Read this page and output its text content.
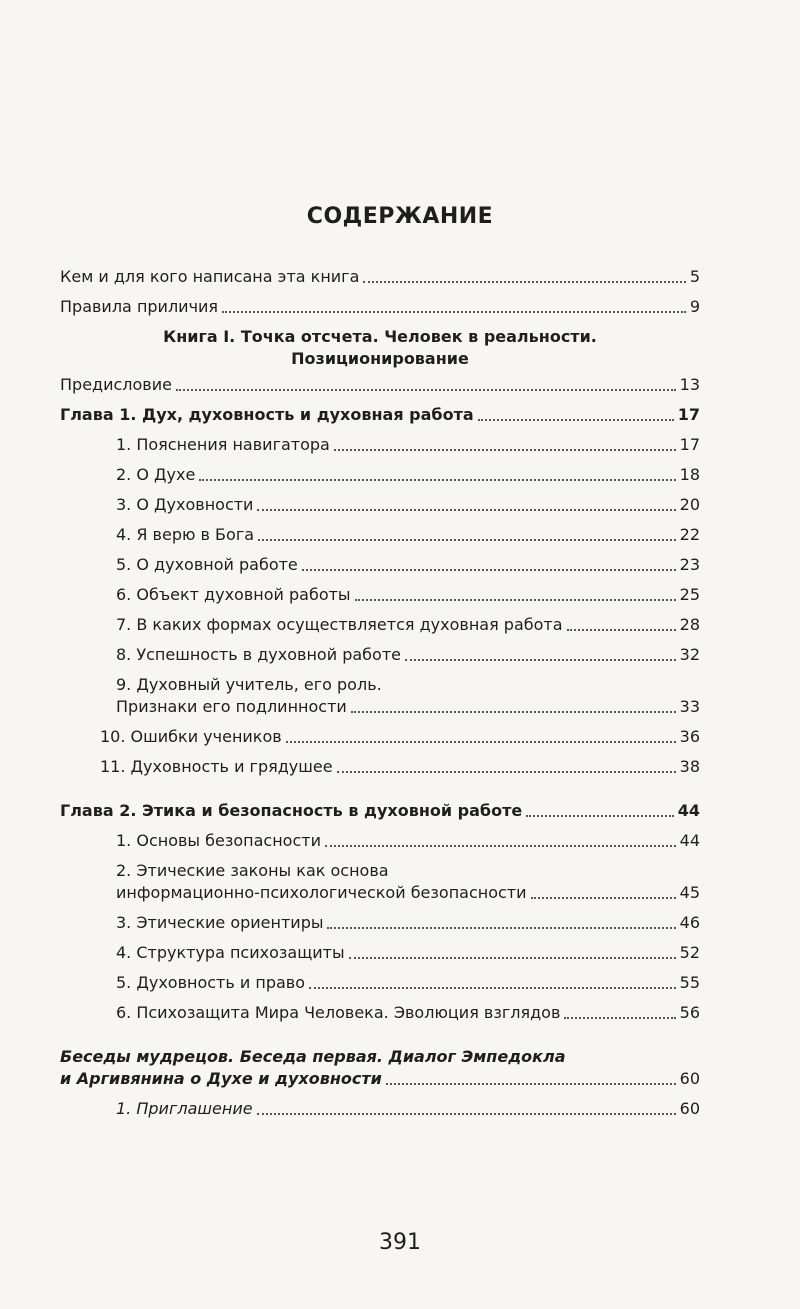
СОДЕРЖАНИЕ
Кем и для кого написана эта книга	5
Правила приличия	9
Книга I. Точка отсчета. Человек в реальности.
Позиционирование
Предисловие	13
Глава 1. Дух, духовность и духовная работа	17
1. Пояснения навигатора	17
2. О Духе	18
3. О Духовности	20
4. Я верю в Бога	22
5. О духовной работе	23
6. Объект духовной работы	25
7. В каких формах осуществляется духовная работа	28
8. Успешность в духовной работе	32
9. Духовный учитель, его роль.
Признаки его подлинности	33
10. Ошибки учеников	36
11. Духовность и грядушее	38
Глава 2. Этика и безопасность в духовной работе	44
1. Основы безопасности	44
2. Этические законы как основа
информационно-психологической безопасности	45
3. Этические ориентиры	46
4. Структура психозащиты	52
5. Духовность и право	55
6. Психозащита Мира Человека. Эволюция взглядов	56
Беседы мудрецов. Беседа первая. Диалог Эмпедокла
и Аргивянина о Духе и духовности	60
1. Приглашение	60
391
